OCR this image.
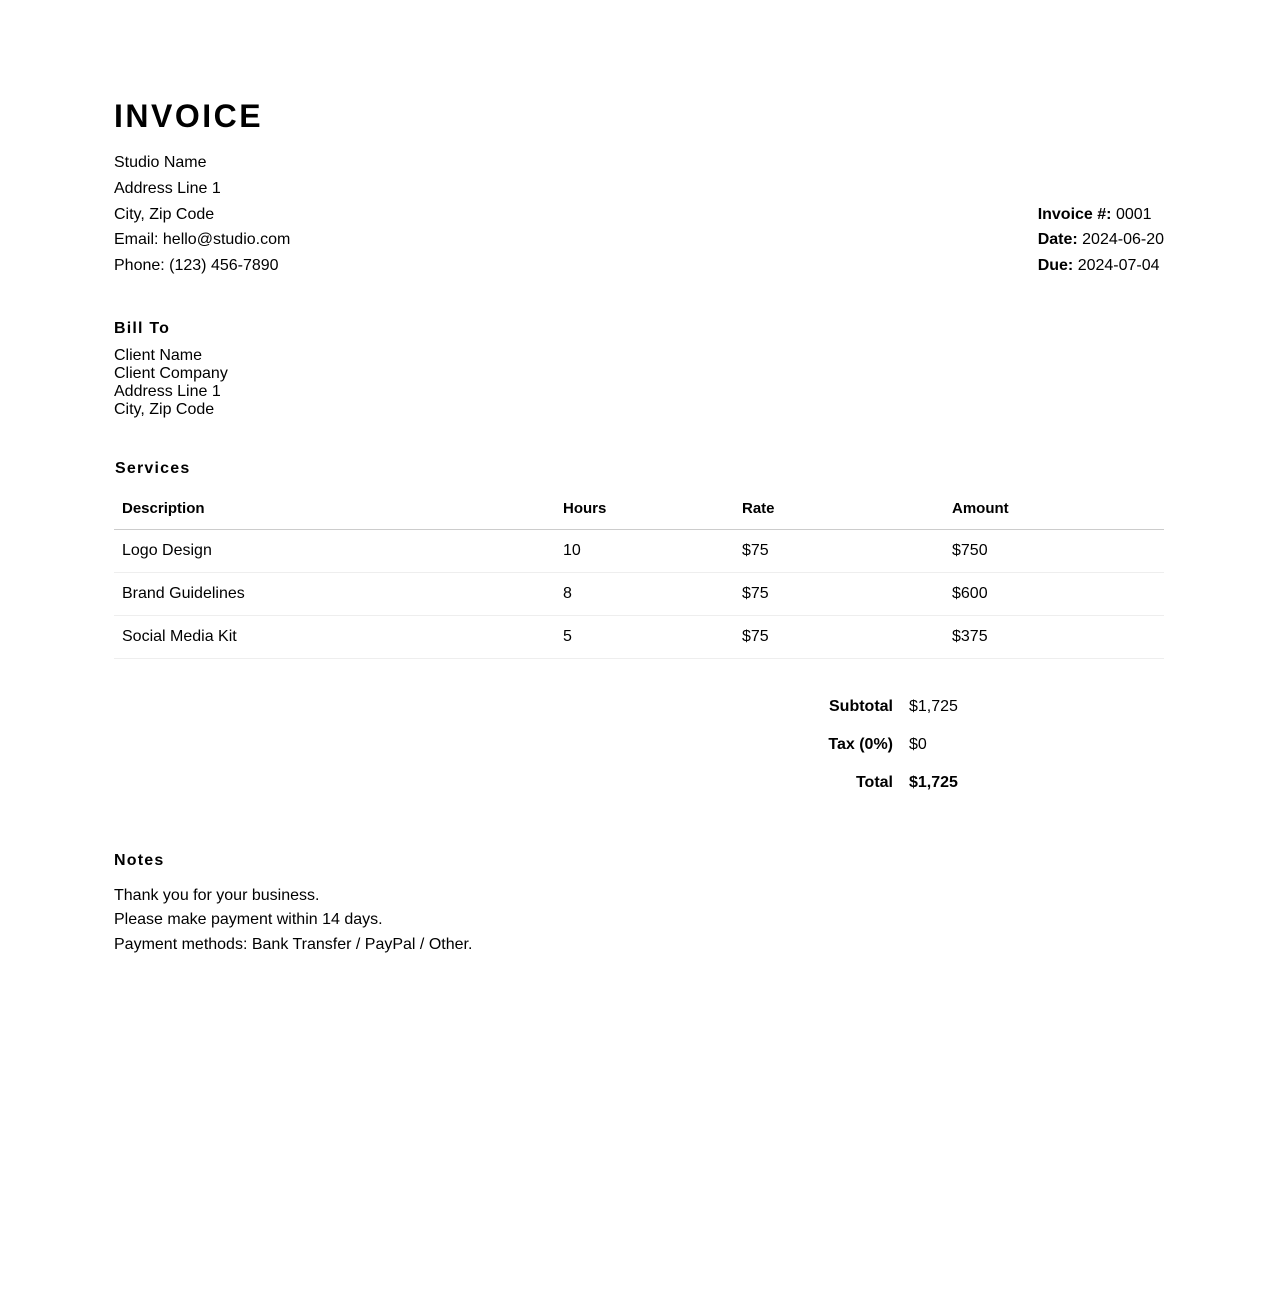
INVOICE
Studio Name
Address Line 1
City, Zip Code
Email: hello@studio.com
Phone: (123) 456-7890
Invoice #: 0001
Date: 2024-06-20
Due: 2024-07-04
Bill To
Client Name
Client Company
Address Line 1
City, Zip Code
Services
Description	Hours	Rate	Amount
Logo Design	10	$75	$750
Brand Guidelines	8	$75	$600
Social Media Kit	5	$75	$375
Subtotal	$1,725
Tax (0%)	$0
Total	$1,725
Notes
Thank you for your business.
Please make payment within 14 days.
Payment methods: Bank Transfer / PayPal / Other.
